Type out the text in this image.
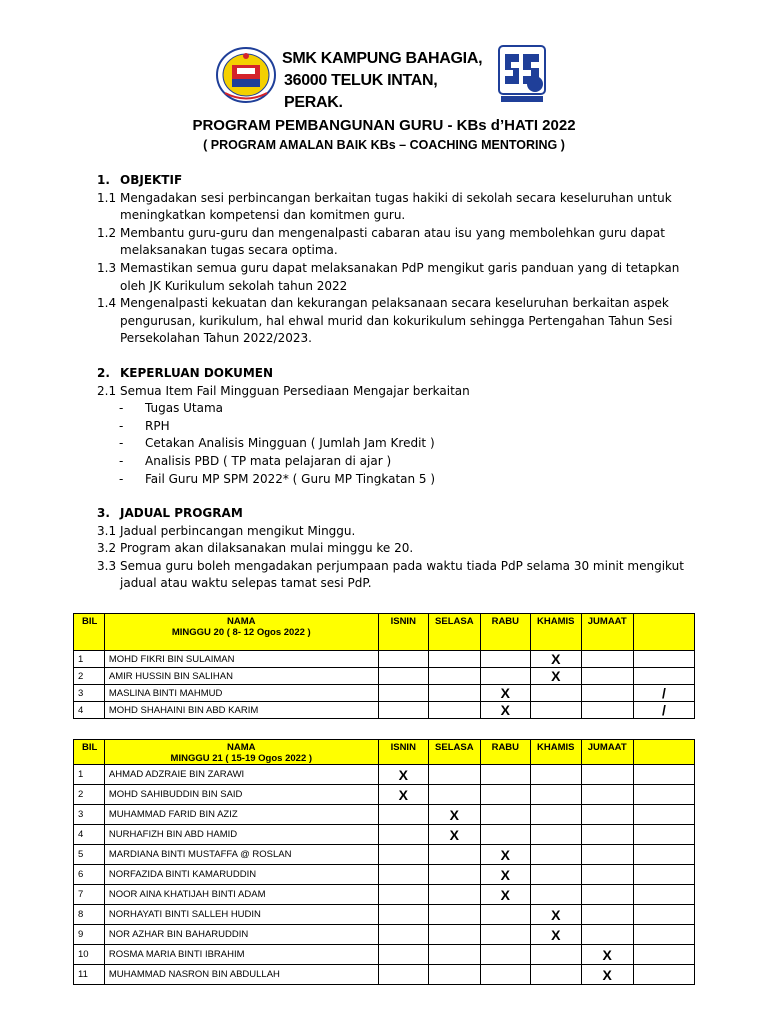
SMK KAMPUNG BAHAGIA,
36000 TELUK INTAN, PERAK.
PROGRAM PEMBANGUNAN GURU - KBs d’HATI 2022
( PROGRAM AMALAN BAIK KBs – COACHING MENTORING )
1. OBJEKTIF
1.1 Mengadakan sesi perbincangan berkaitan tugas hakiki di sekolah secara keseluruhan untuk meningkatkan kompetensi dan komitmen guru.
1.2 Membantu guru-guru dan mengenalpasti cabaran atau isu yang membolehkan guru dapat melaksanakan tugas secara optima.
1.3 Memastikan semua guru dapat melaksanakan PdP mengikut garis panduan yang di tetapkan oleh JK Kurikulum sekolah tahun 2022
1.4 Mengenalpasti kekuatan dan kekurangan pelaksanaan secara keseluruhan berkaitan aspek pengurusan, kurikulum, hal ehwal murid dan kokurikulum sehingga Pertengahan Tahun Sesi Persekolahan Tahun 2022/2023.
2. KEPERLUAN DOKUMEN
2.1 Semua Item Fail Mingguan Persediaan Mengajar berkaitan
-	Tugas Utama
-	RPH
-	Cetakan Analisis Mingguan ( Jumlah Jam Kredit )
-	Analisis PBD ( TP mata pelajaran di ajar )
-	Fail Guru MP SPM 2022* ( Guru MP Tingkatan 5 )
3. JADUAL PROGRAM
3.1 Jadual perbincangan mengikut Minggu.
3.2 Program akan dilaksanakan mulai minggu ke 20.
3.3 Semua guru boleh mengadakan perjumpaan pada waktu tiada PdP selama 30 minit mengikut jadual atau waktu selepas tamat sesi PdP.
BIL	NAMA
MINGGU 20 ( 8- 12 Ogos 2022 )	ISNIN	SELASA	RABU	KHAMIS	JUMAAT	
1	MOHD FIKRI BIN SULAIMAN				X		
2	AMIR HUSSIN BIN SALIHAN				X		
3	MASLINA BINTI MAHMUD			X			/
4	MOHD SHAHAINI BIN ABD KARIM			X			/
BIL	NAMA
MINGGU 21 ( 15-19 Ogos 2022 )	ISNIN	SELASA	RABU	KHAMIS	JUMAAT	
1	AHMAD ADZRAIE BIN ZARAWI	X					
2	MOHD SAHIBUDDIN BIN SAID	X					
3	MUHAMMAD FARID BIN AZIZ		X				
4	NURHAFIZH BIN ABD HAMID		X				
5	MARDIANA BINTI MUSTAFFA @ ROSLAN			X			
6	NORFAZIDA BINTI KAMARUDDIN			X			
7	NOOR AINA KHATIJAH BINTI ADAM			X			
8	NORHAYATI BINTI SALLEH HUDIN				X		
9	NOR AZHAR BIN BAHARUDDIN				X		
10	ROSMA MARIA BINTI IBRAHIM					X	
11	MUHAMMAD NASRON BIN ABDULLAH					X	
